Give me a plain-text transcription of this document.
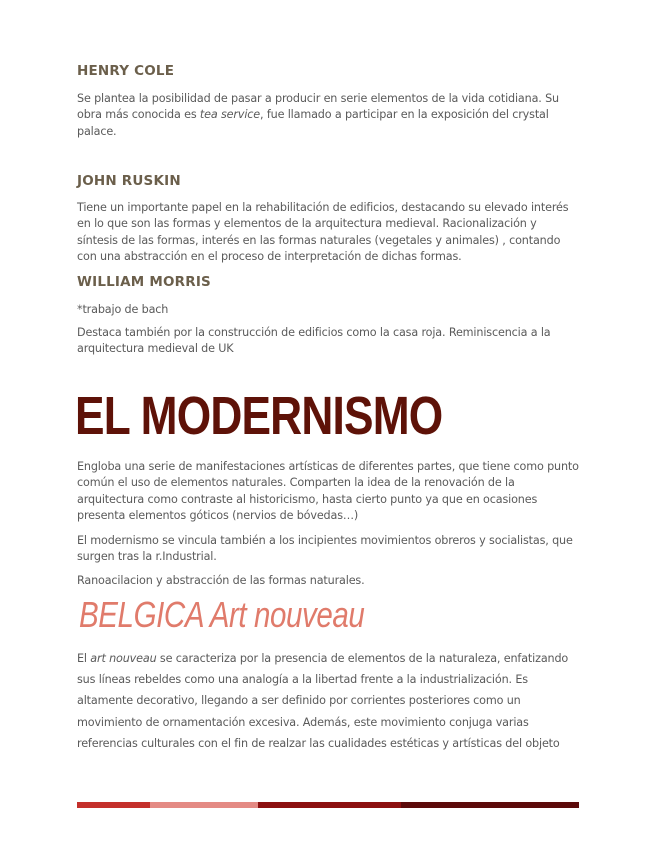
HENRY COLE
Se plantea la posibilidad de pasar a producir en serie elementos de la vida cotidiana. Su obra más conocida es tea service, fue llamado a participar en la exposición del crystal palace.
JOHN RUSKIN
Tiene un importante papel en la rehabilitación de edificios, destacando su elevado interés en lo que son las formas y elementos de la arquitectura medieval. Racionalización y síntesis de las formas, interés en las formas naturales (vegetales y animales) , contando con una abstracción en el proceso de interpretación de dichas formas.
WILLIAM MORRIS
*trabajo de bach
Destaca también por la construcción de edificios como la casa roja. Reminiscencia a la arquitectura medieval de UK
EL MODERNISMO
Engloba una serie de manifestaciones artísticas de diferentes partes, que tiene como punto común el uso de elementos naturales. Comparten la idea de la renovación de la arquitectura como contraste al historicismo, hasta cierto punto ya que en ocasiones presenta elementos góticos (nervios de bóvedas…)
El modernismo se vincula también a los incipientes movimientos obreros y socialistas, que surgen tras la r.Industrial.
Ranoacilacion y abstracción de las formas naturales.
BELGICA Art nouveau
El art nouveau se caracteriza por la presencia de elementos de la naturaleza, enfatizando sus líneas rebeldes como una analogía a la libertad frente a la industrialización. Es altamente decorativo, llegando a ser definido por corrientes posteriores como un movimiento de ornamentación excesiva. Además, este movimiento conjuga varias referencias culturales con el fin de realzar las cualidades estéticas y artísticas del objeto
